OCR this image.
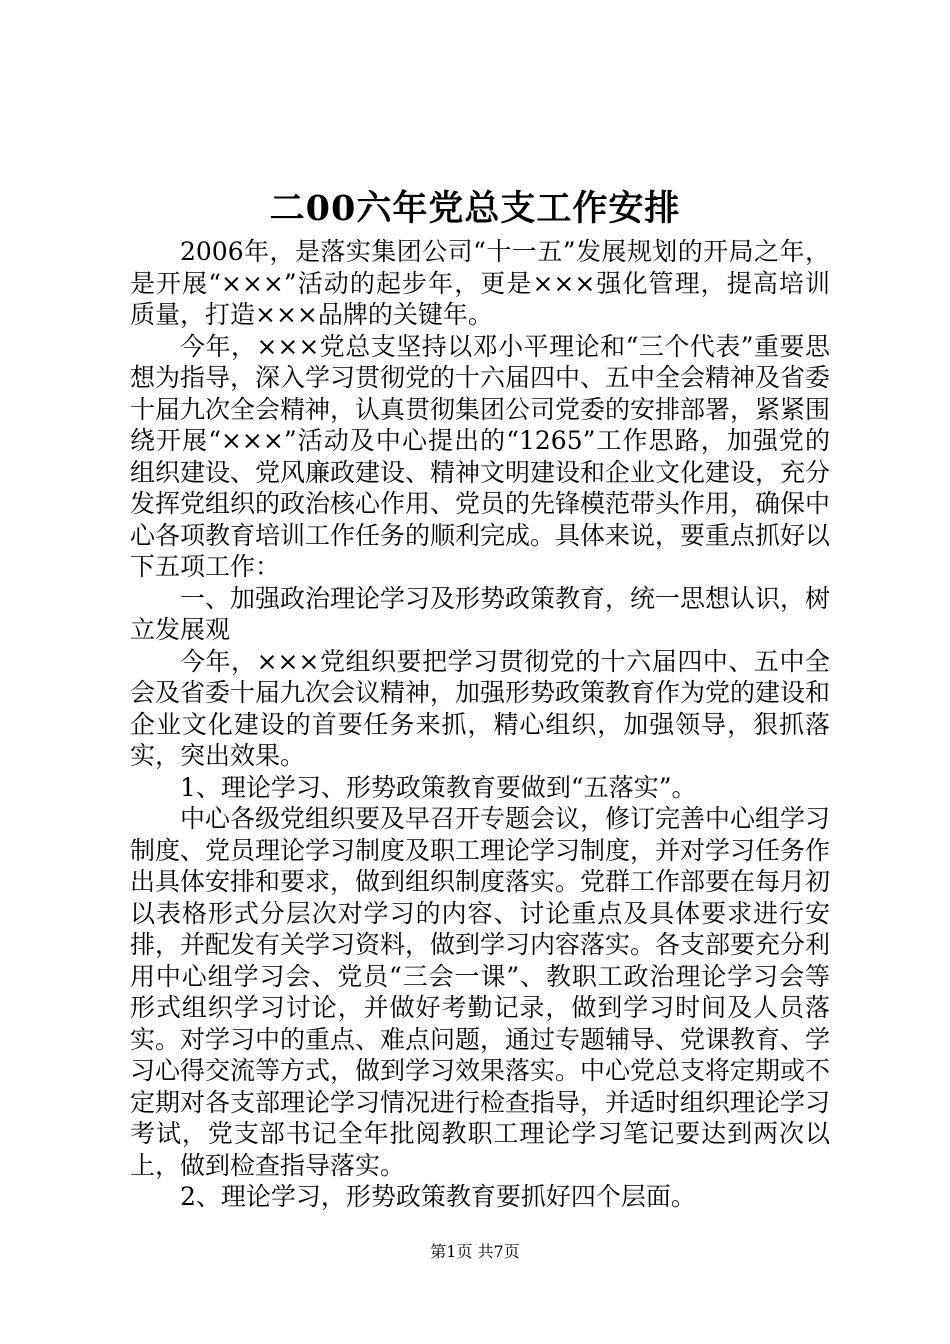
二00六年党总支工作安排

2006年，是落实集团公司“十一五”发展规划的开局之年，是开展“×××”活动的起步年，更是×××强化管理，提高培训质量，打造×××品牌的关键年。

今年，×××党总支坚持以邓小平理论和“三个代表”重要思想为指导，深入学习贯彻党的十六届四中、五中全会精神及省委十届九次全会精神，认真贯彻集团公司党委的安排部署，紧紧围绕开展“×××”活动及中心提出的“1265”工作思路，加强党的组织建设、党风廉政建设、精神文明建设和企业文化建设，充分发挥党组织的政治核心作用、党员的先锋模范带头作用，确保中心各项教育培训工作任务的顺利完成。具体来说，要重点抓好以下五项工作：

一、加强政治理论学习及形势政策教育，统一思想认识，树立发展观

今年，×××党组织要把学习贯彻党的十六届四中、五中全会及省委十届九次会议精神，加强形势政策教育作为党的建设和企业文化建设的首要任务来抓，精心组织，加强领导，狠抓落实，突出效果。

1、理论学习、形势政策教育要做到“五落实”。

中心各级党组织要及早召开专题会议，修订完善中心组学习制度、党员理论学习制度及职工理论学习制度，并对学习任务作出具体安排和要求，做到组织制度落实。党群工作部要在每月初以表格形式分层次对学习的内容、讨论重点及具体要求进行安排，并配发有关学习资料，做到学习内容落实。各支部要充分利用中心组学习会、党员“三会一课”、教职工政治理论学习会等形式组织学习讨论，并做好考勤记录，做到学习时间及人员落实。对学习中的重点、难点问题，通过专题辅导、党课教育、学习心得交流等方式，做到学习效果落实。中心党总支将定期或不定期对各支部理论学习情况进行检查指导，并适时组织理论学习考试，党支部书记全年批阅教职工理论学习笔记要达到两次以上，做到检查指导落实。

2、理论学习，形势政策教育要抓好四个层面。

第1页 共7页
